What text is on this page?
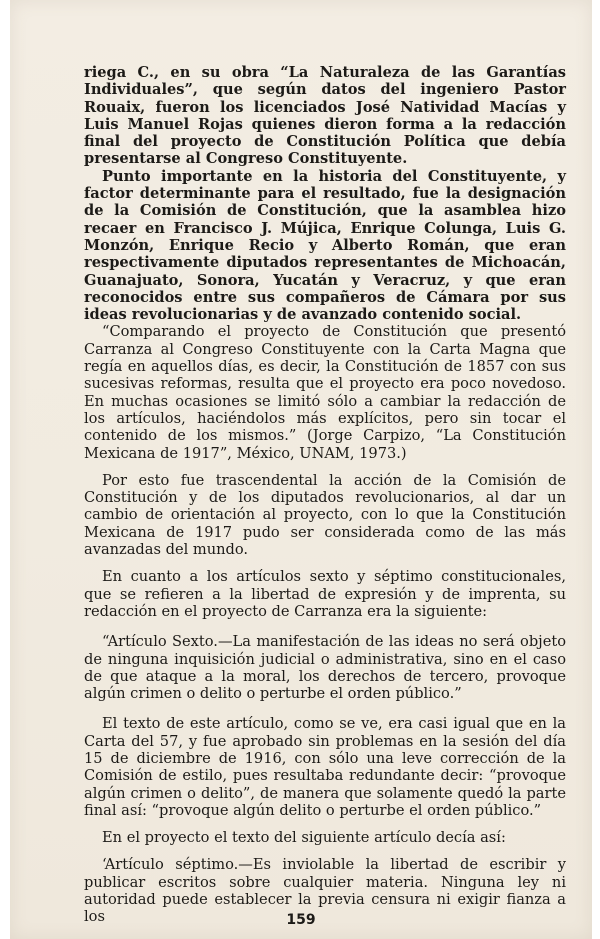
riega C., en su obra “La Naturaleza de las Garantías Individuales”, que según datos del ingeniero Pastor Rouaix, fueron los licenciados José Natividad Macías y Luis Manuel Rojas quienes dieron forma a la redacción final del proyecto de Constitución Política que debía presentarse al Congreso Constituyente.

Punto importante en la historia del Constituyente, y factor determinante para el resultado, fue la designación de la Comisión de Constitución, que la asamblea hizo recaer en Francisco J. Mújica, Enrique Colunga, Luis G. Monzón, Enrique Recio y Alberto Román, que eran respectivamente diputados representantes de Michoacán, Guanajuato, Sonora, Yucatán y Veracruz, y que eran reconocidos entre sus compañeros de Cámara por sus ideas revolucionarias y de avanzado contenido social.

“Comparando el proyecto de Constitución que presentó Carranza al Congreso Constituyente con la Carta Magna que regía en aquellos días, es decir, la Constitución de 1857 con sus sucesivas reformas, resulta que el proyecto era poco novedoso. En muchas ocasiones se limitó sólo a cambiar la redacción de los artículos, haciéndolos más explícitos, pero sin tocar el contenido de los mismos.” (Jorge Carpizo, “La Constitución Mexicana de 1917”, México, UNAM, 1973.)

Por esto fue trascendental la acción de la Comisión de Constitución y de los diputados revolucionarios, al dar un cambio de orientación al proyecto, con lo que la Constitución Mexicana de 1917 pudo ser considerada como de las más avanzadas del mundo.

En cuanto a los artículos sexto y séptimo constitucionales, que se refieren a la libertad de expresión y de imprenta, su redacción en el proyecto de Carranza era la siguiente:

“Artículo Sexto.—La manifestación de las ideas no será objeto de ninguna inquisición judicial o administrativa, sino en el caso de que ataque a la moral, los derechos de tercero, provoque algún crimen o delito o perturbe el orden público.”

El texto de este artículo, como se ve, era casi igual que en la Carta del 57, y fue aprobado sin problemas en la sesión del día 15 de diciembre de 1916, con sólo una leve corrección de la Comisión de estilo, pues resultaba redundante decir: “provoque algún crimen o delito”, de manera que solamente quedó la parte final así: “provoque algún delito o perturbe el orden público.”

En el proyecto el texto del siguiente artículo decía así:

‘Artículo séptimo.—Es inviolable la libertad de escribir y publicar escritos sobre cualquier materia. Ninguna ley ni autoridad puede establecer la previa censura ni exigir fianza a los	159
